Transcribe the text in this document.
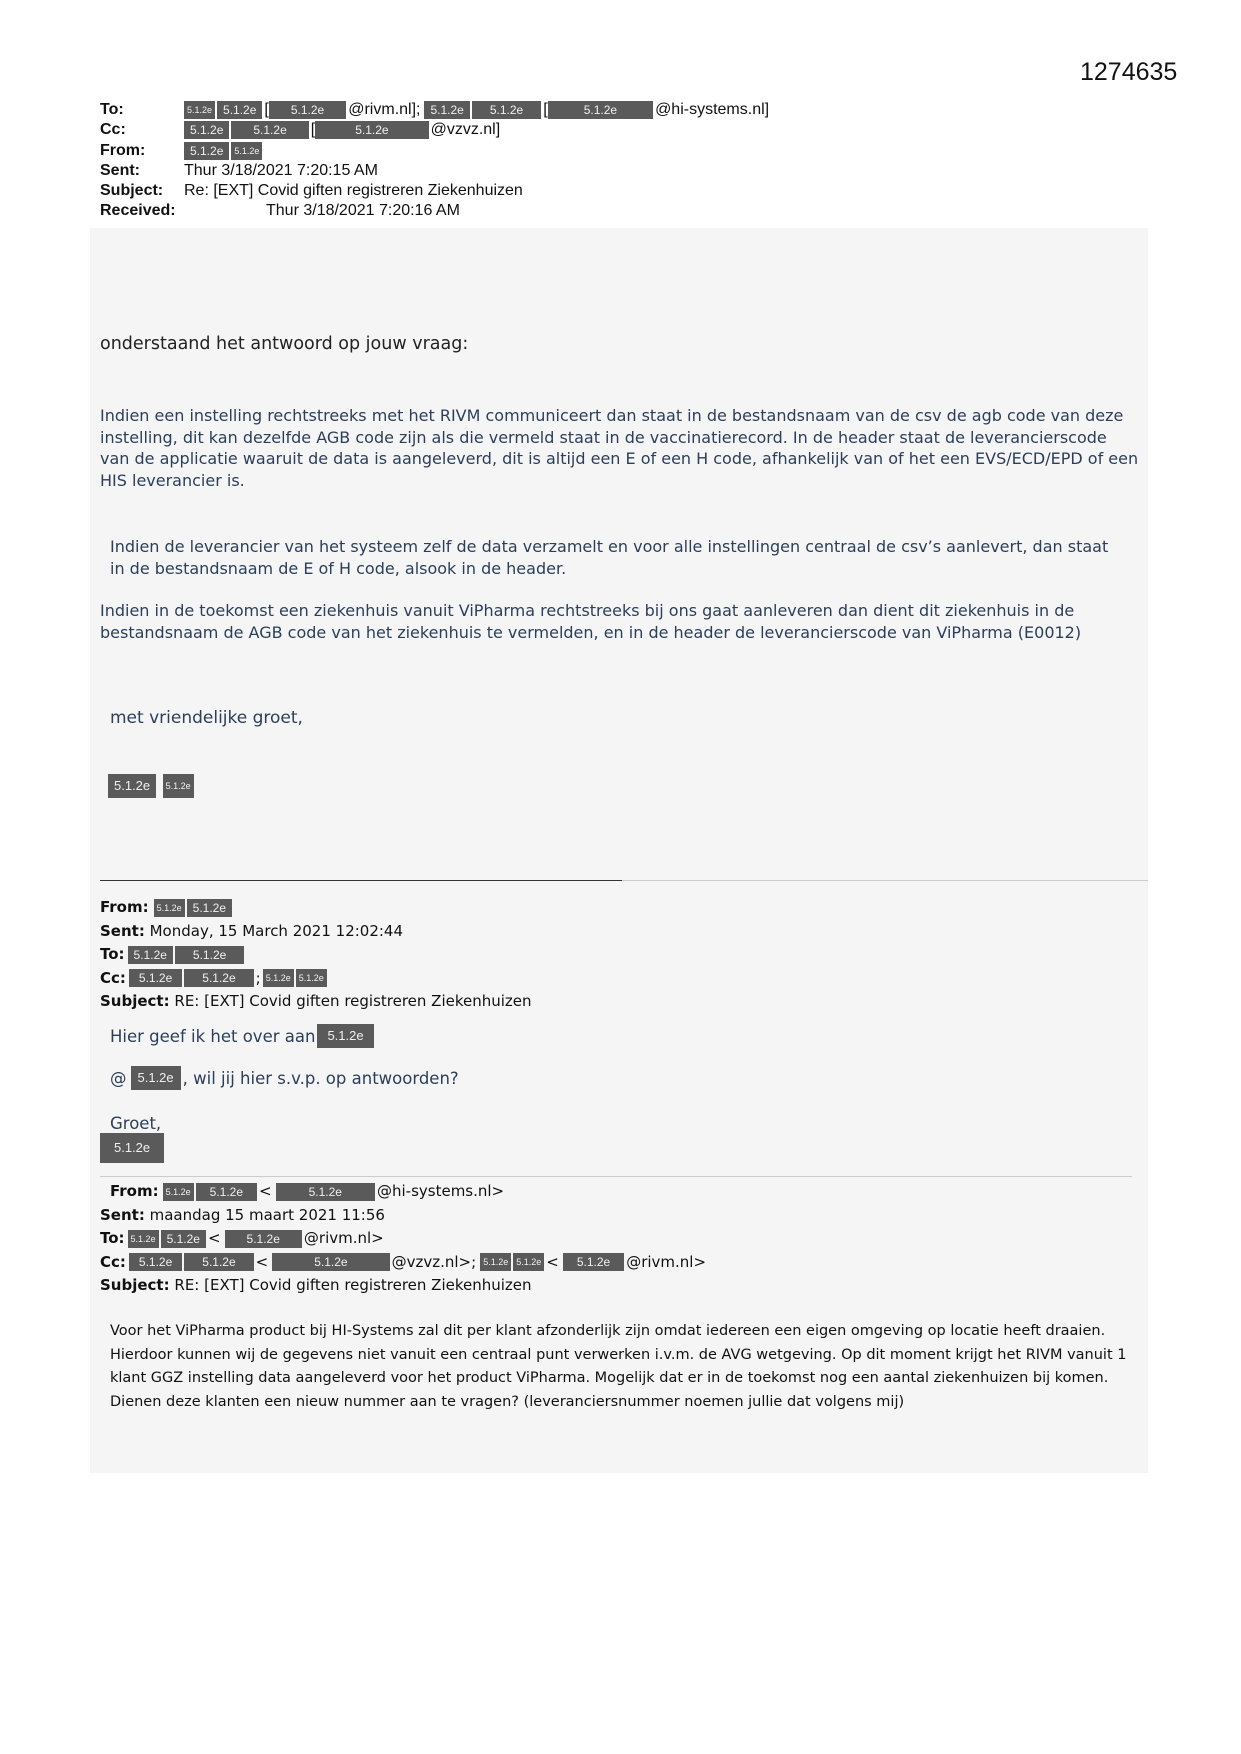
1274635
To:	5.1.2e 5.1.2e [	5.1.2e	@rivm.nl]; 5.1.2e	5.1.2e	[	5.1.2e	@hi-systems.nl]
Cc:	5.1.2e	5.1.2e	[	5.1.2e	@vzvz.nl]
From:	5.1.2e	5.1.2e
Sent:	Thur 3/18/2021 7:20:15 AM
Subject:	Re: [EXT] Covid giften registreren Ziekenhuizen
Received:	Thur 3/18/2021 7:20:16 AM
onderstaand het antwoord op jouw vraag:
Indien een instelling rechtstreeks met het RIVM communiceert dan staat in de bestandsnaam van de csv de agb code van deze instelling, dit kan dezelfde AGB code zijn als die vermeld staat in de vaccinatierecord. In de header staat de leverancierscode van de applicatie waaruit de data is aangeleverd, dit is altijd een E of een H code, afhankelijk van of het een EVS/ECD/EPD of een HIS leverancier is.
Indien de leverancier van het systeem zelf de data verzamelt en voor alle instellingen centraal de csv’s aanlevert, dan staat in de bestandsnaam de E of H code, alsook in de header.
Indien in de toekomst een ziekenhuis vanuit ViPharma rechtstreeks bij ons gaat aanleveren dan dient dit ziekenhuis in de bestandsnaam de AGB code van het ziekenhuis te vermelden, en in de header de leverancierscode van ViPharma (E0012)
met vriendelijke groet,
5.1.2e 5.1.2e
From: 5.1.2e 5.1.2e
Sent: Monday, 15 March 2021 12:02:44
To: 5.1.2e	5.1.2e
Cc:	5.1.2e	5.1.2e	; 5.1.2e 5.1.2e
Subject: RE: [EXT] Covid giften registreren Ziekenhuizen
Hier geef ik het over aan 5.1.2e
@ 5.1.2e , wil jij hier s.v.p. op antwoorden?
Groet,
5.1.2e
From: 5.1.2e	5.1.2e	<	5.1.2e	@hi-systems.nl>
Sent: maandag 15 maart 2021 11:56
To: 5.1.2e 5.1.2e <	5.1.2e	@rivm.nl>
Cc:	5.1.2e	5.1.2e	<	5.1.2e	@vzvz.nl>; 5.1.2e 5.1.2e <	5.1.2e	@rivm.nl>
Subject: RE: [EXT] Covid giften registreren Ziekenhuizen
Voor het ViPharma product bij HI-Systems zal dit per klant afzonderlijk zijn omdat iedereen een eigen omgeving op locatie heeft draaien. Hierdoor kunnen wij de gegevens niet vanuit een centraal punt verwerken i.v.m. de AVG wetgeving. Op dit moment krijgt het RIVM vanuit 1 klant GGZ instelling data aangeleverd voor het product ViPharma. Mogelijk dat er in de toekomst nog een aantal ziekenhuizen bij komen. Dienen deze klanten een nieuw nummer aan te vragen? (leveranciersnummer noemen jullie dat volgens mij)
